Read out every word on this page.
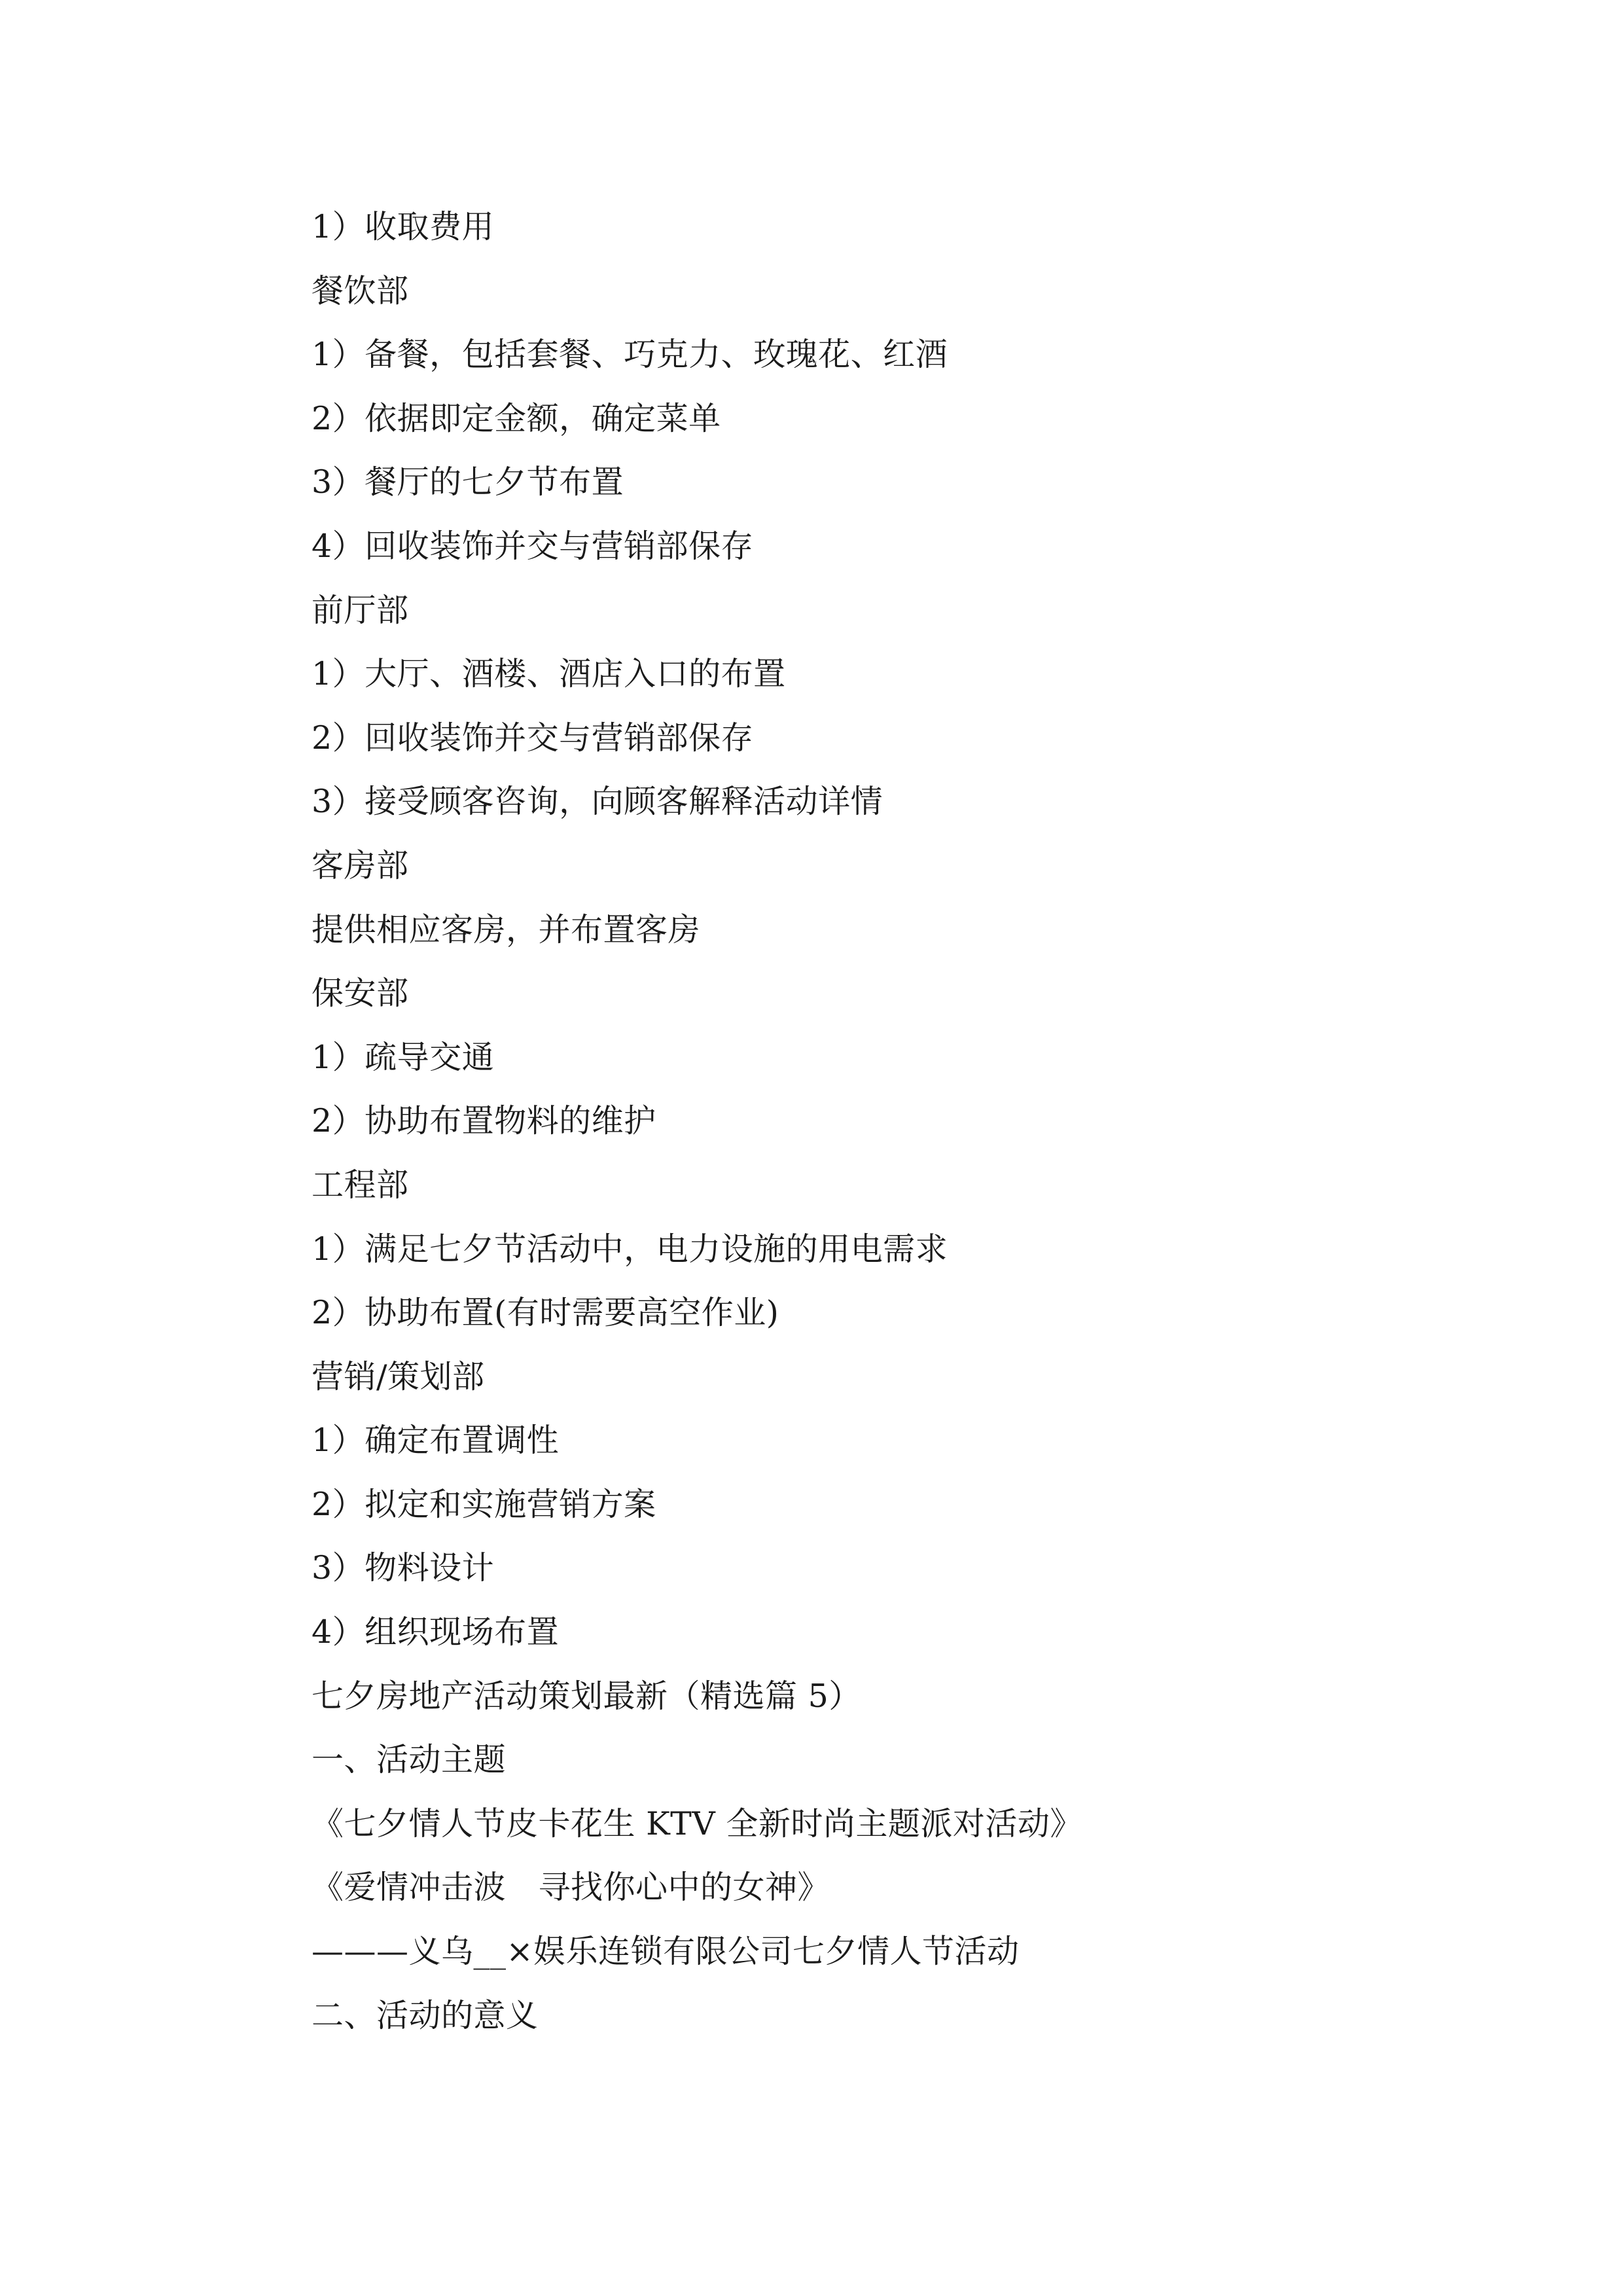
1）收取费用
餐饮部
1）备餐，包括套餐、巧克力、玫瑰花、红酒
2）依据即定金额，确定菜单
3）餐厅的七夕节布置
4）回收装饰并交与营销部保存
前厅部
1）大厅、酒楼、酒店入口的布置
2）回收装饰并交与营销部保存
3）接受顾客咨询，向顾客解释活动详情
客房部
提供相应客房，并布置客房
保安部
1）疏导交通
2）协助布置物料的维护
工程部
1）满足七夕节活动中，电力设施的用电需求
2）协助布置(有时需要高空作业)
营销/策划部
1）确定布置调性
2）拟定和实施营销方案
3）物料设计
4）组织现场布置
七夕房地产活动策划最新（精选篇 5）
一、活动主题
《七夕情人节皮卡花生 KTV 全新时尚主题派对活动》
《爱情冲击波　寻找你心中的女神》
———义乌__×娱乐连锁有限公司七夕情人节活动
二、活动的意义
